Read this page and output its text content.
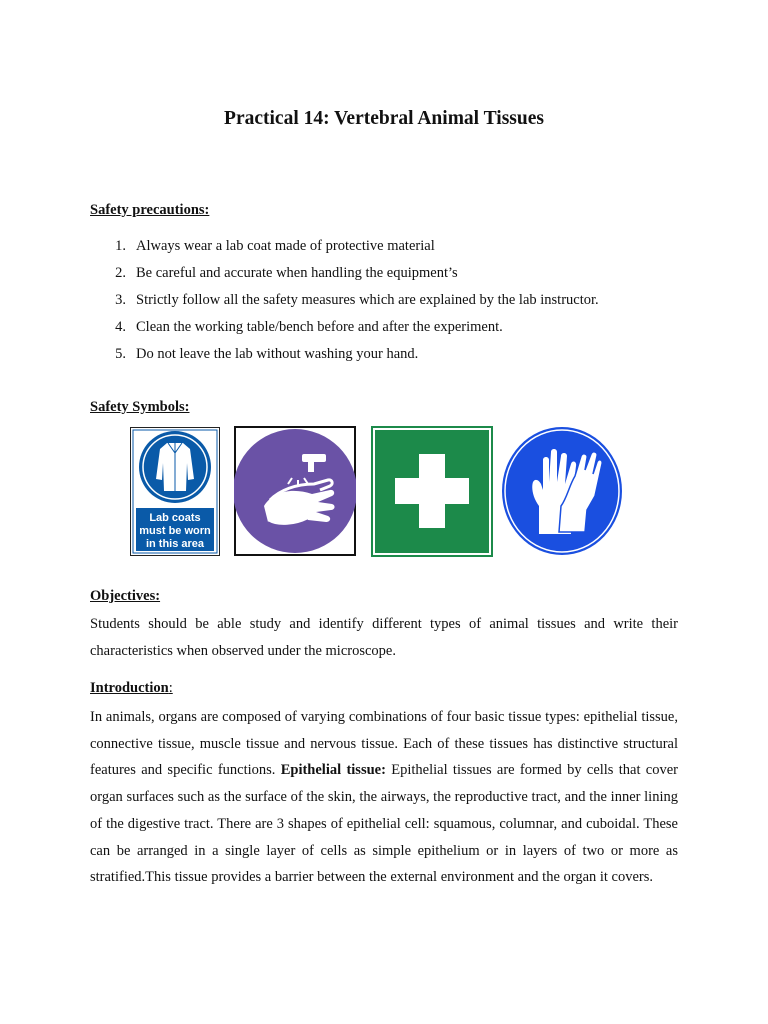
Practical 14: Vertebral Animal Tissues
Safety precautions:
1. Always wear a lab coat made of protective material
2. Be careful and accurate when handling the equipment’s
3. Strictly follow all the safety measures which are explained by the lab instructor.
4. Clean the working table/bench before and after the experiment.
5. Do not leave the lab without washing your hand.
Safety Symbols:
Lab coats
must be worn
in this area
Objectives:
Students should be able study and identify different types of animal tissues and write their characteristics when observed under the microscope.
Introduction:
In animals, organs are composed of varying combinations of four basic tissue types: epithelial tissue, connective tissue, muscle tissue and nervous tissue. Each of these tissues has distinctive structural features and specific functions. Epithelial tissue: Epithelial tissues are formed by cells that cover organ surfaces such as the surface of the skin, the airways, the reproductive tract, and the inner lining of the digestive tract. There are 3 shapes of epithelial cell: squamous, columnar, and cuboidal. These can be arranged in a single layer of cells as simple epithelium or in layers of two or more as stratified.This tissue provides a barrier between the external environment and the organ it covers.
